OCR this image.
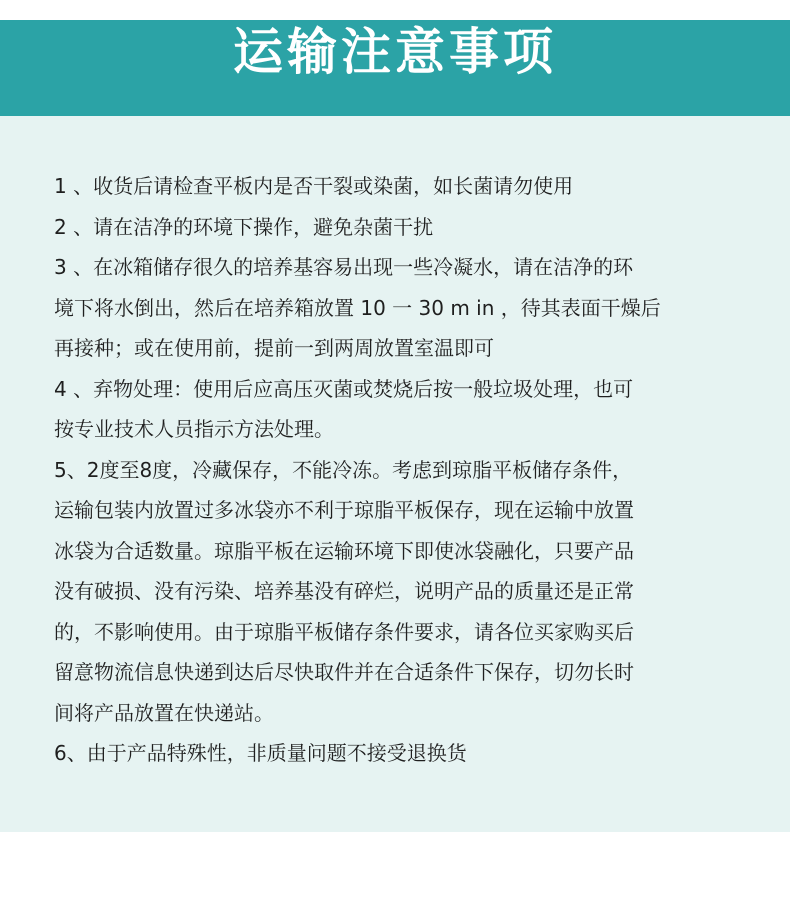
运输注意事项
1 、收货后请检查平板内是否干裂或染菌，如长菌请勿使用
2 、请在洁净的环境下操作，避免杂菌干扰
3 、在冰箱储存很久的培养基容易出现一些冷凝水，请在洁净的环
境下将水倒出，然后在培养箱放置 10 一 30 m in ，待其表面干燥后
再接种；或在使用前，提前一到两周放置室温即可
4 、弃物处理：使用后应高压灭菌或焚烧后按一般垃圾处理，也可
按专业技术人员指示方法处理。
5、2度至8度，冷藏保存，不能冷冻。考虑到琼脂平板储存条件，
运输包装内放置过多冰袋亦不利于琼脂平板保存，现在运输中放置
冰袋为合适数量。琼脂平板在运输环境下即使冰袋融化，只要产品
没有破损、没有污染、培养基没有碎烂，说明产品的质量还是正常
的，不影响使用。由于琼脂平板储存条件要求，请各位买家购买后
留意物流信息快递到达后尽快取件并在合适条件下保存，切勿长时
间将产品放置在快递站。
6、由于产品特殊性，非质量问题不接受退换货
